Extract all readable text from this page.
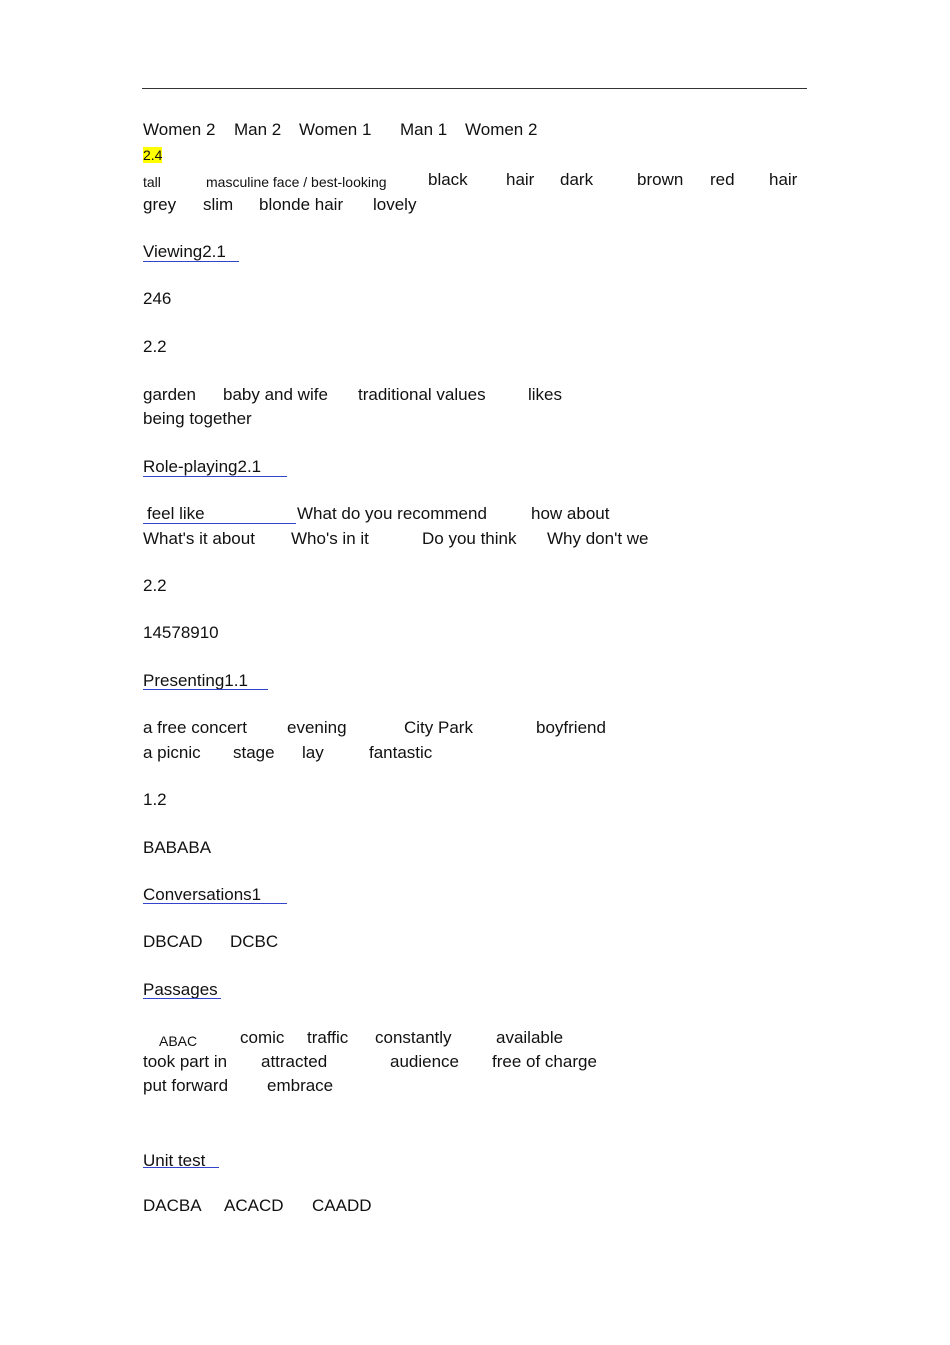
Women 2 Man 2 Women 1 Man 1 Women 2
2.4
tall	masculine face / best-looking black hair dark	brown red hair
grey slim blonde hair lovely
Viewing2.1
246
2.2
garden baby and wife traditional values likes
being together
Role-playing2.1
feel like	What do you recommend	how about
What's it about Who's in it	Do you think Why don't we
2.2
14578910
Presenting1.1
a free concert evening	City Park	boyfriend
a picnic stage lay	fantastic
1.2
BABABA
Conversations1
DBCAD DCBC
Passages
ABAC	comic traffic constantly	available
took part in attracted	audience free of charge
put forward embrace
Unit test
DACBA ACACD CAADD
